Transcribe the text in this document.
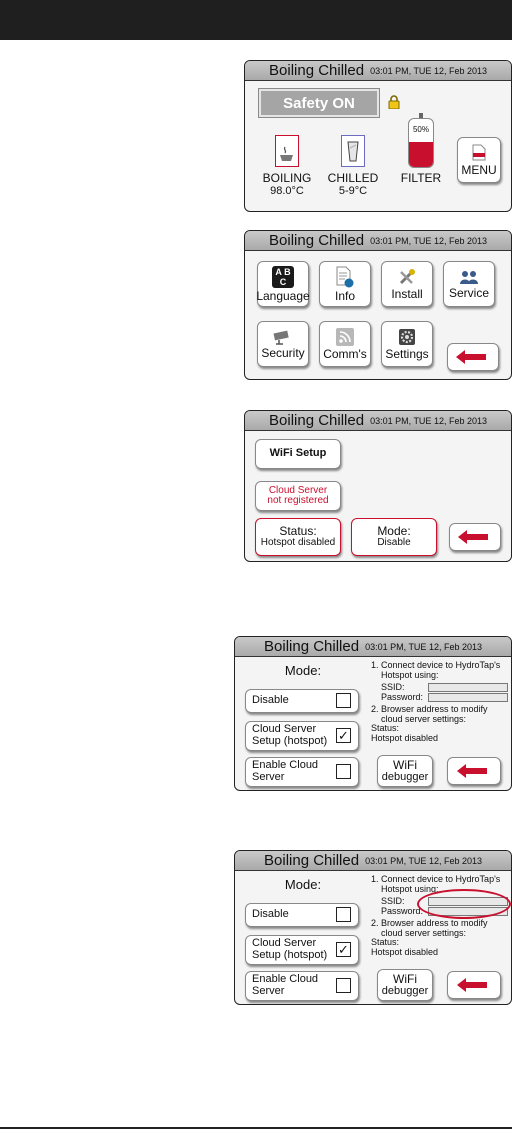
Boiling Chilled 03:01 PM, TUE 12, Feb 2013
Safety ON
BOILING
98.0°C
CHILLED
5-9°C
50%
FILTER
MENU
Boiling Chilled 03:01 PM, TUE 12, Feb 2013
A B
C
Language Info	Install Service
Security Comm's Settings
Boiling Chilled 03:01 PM, TUE 12, Feb 2013
WiFi Setup
Cloud Server
not registered
Status:
Hotspot disabled
Mode:
Disable
Boiling Chilled 03:01 PM, TUE 12, Feb 2013
Mode:
Disable
Cloud Server
Setup (hotspot) ✓
Enable Cloud
Server
1. Connect device to HydroTap's
Hotspot using:
SSID:
Password:
2. Browser address to modify
cloud server settings:
Status:
Hotspot disabled
WiFi
debugger
Boiling Chilled 03:01 PM, TUE 12, Feb 2013
Mode:
Disable
Cloud Server
Setup (hotspot) ✓
Enable Cloud
Server
1. Connect device to HydroTap's
Hotspot using:
SSID:
Password:
2. Browser address to modify
cloud server settings:
Status:
Hotspot disabled
WiFi
debugger
